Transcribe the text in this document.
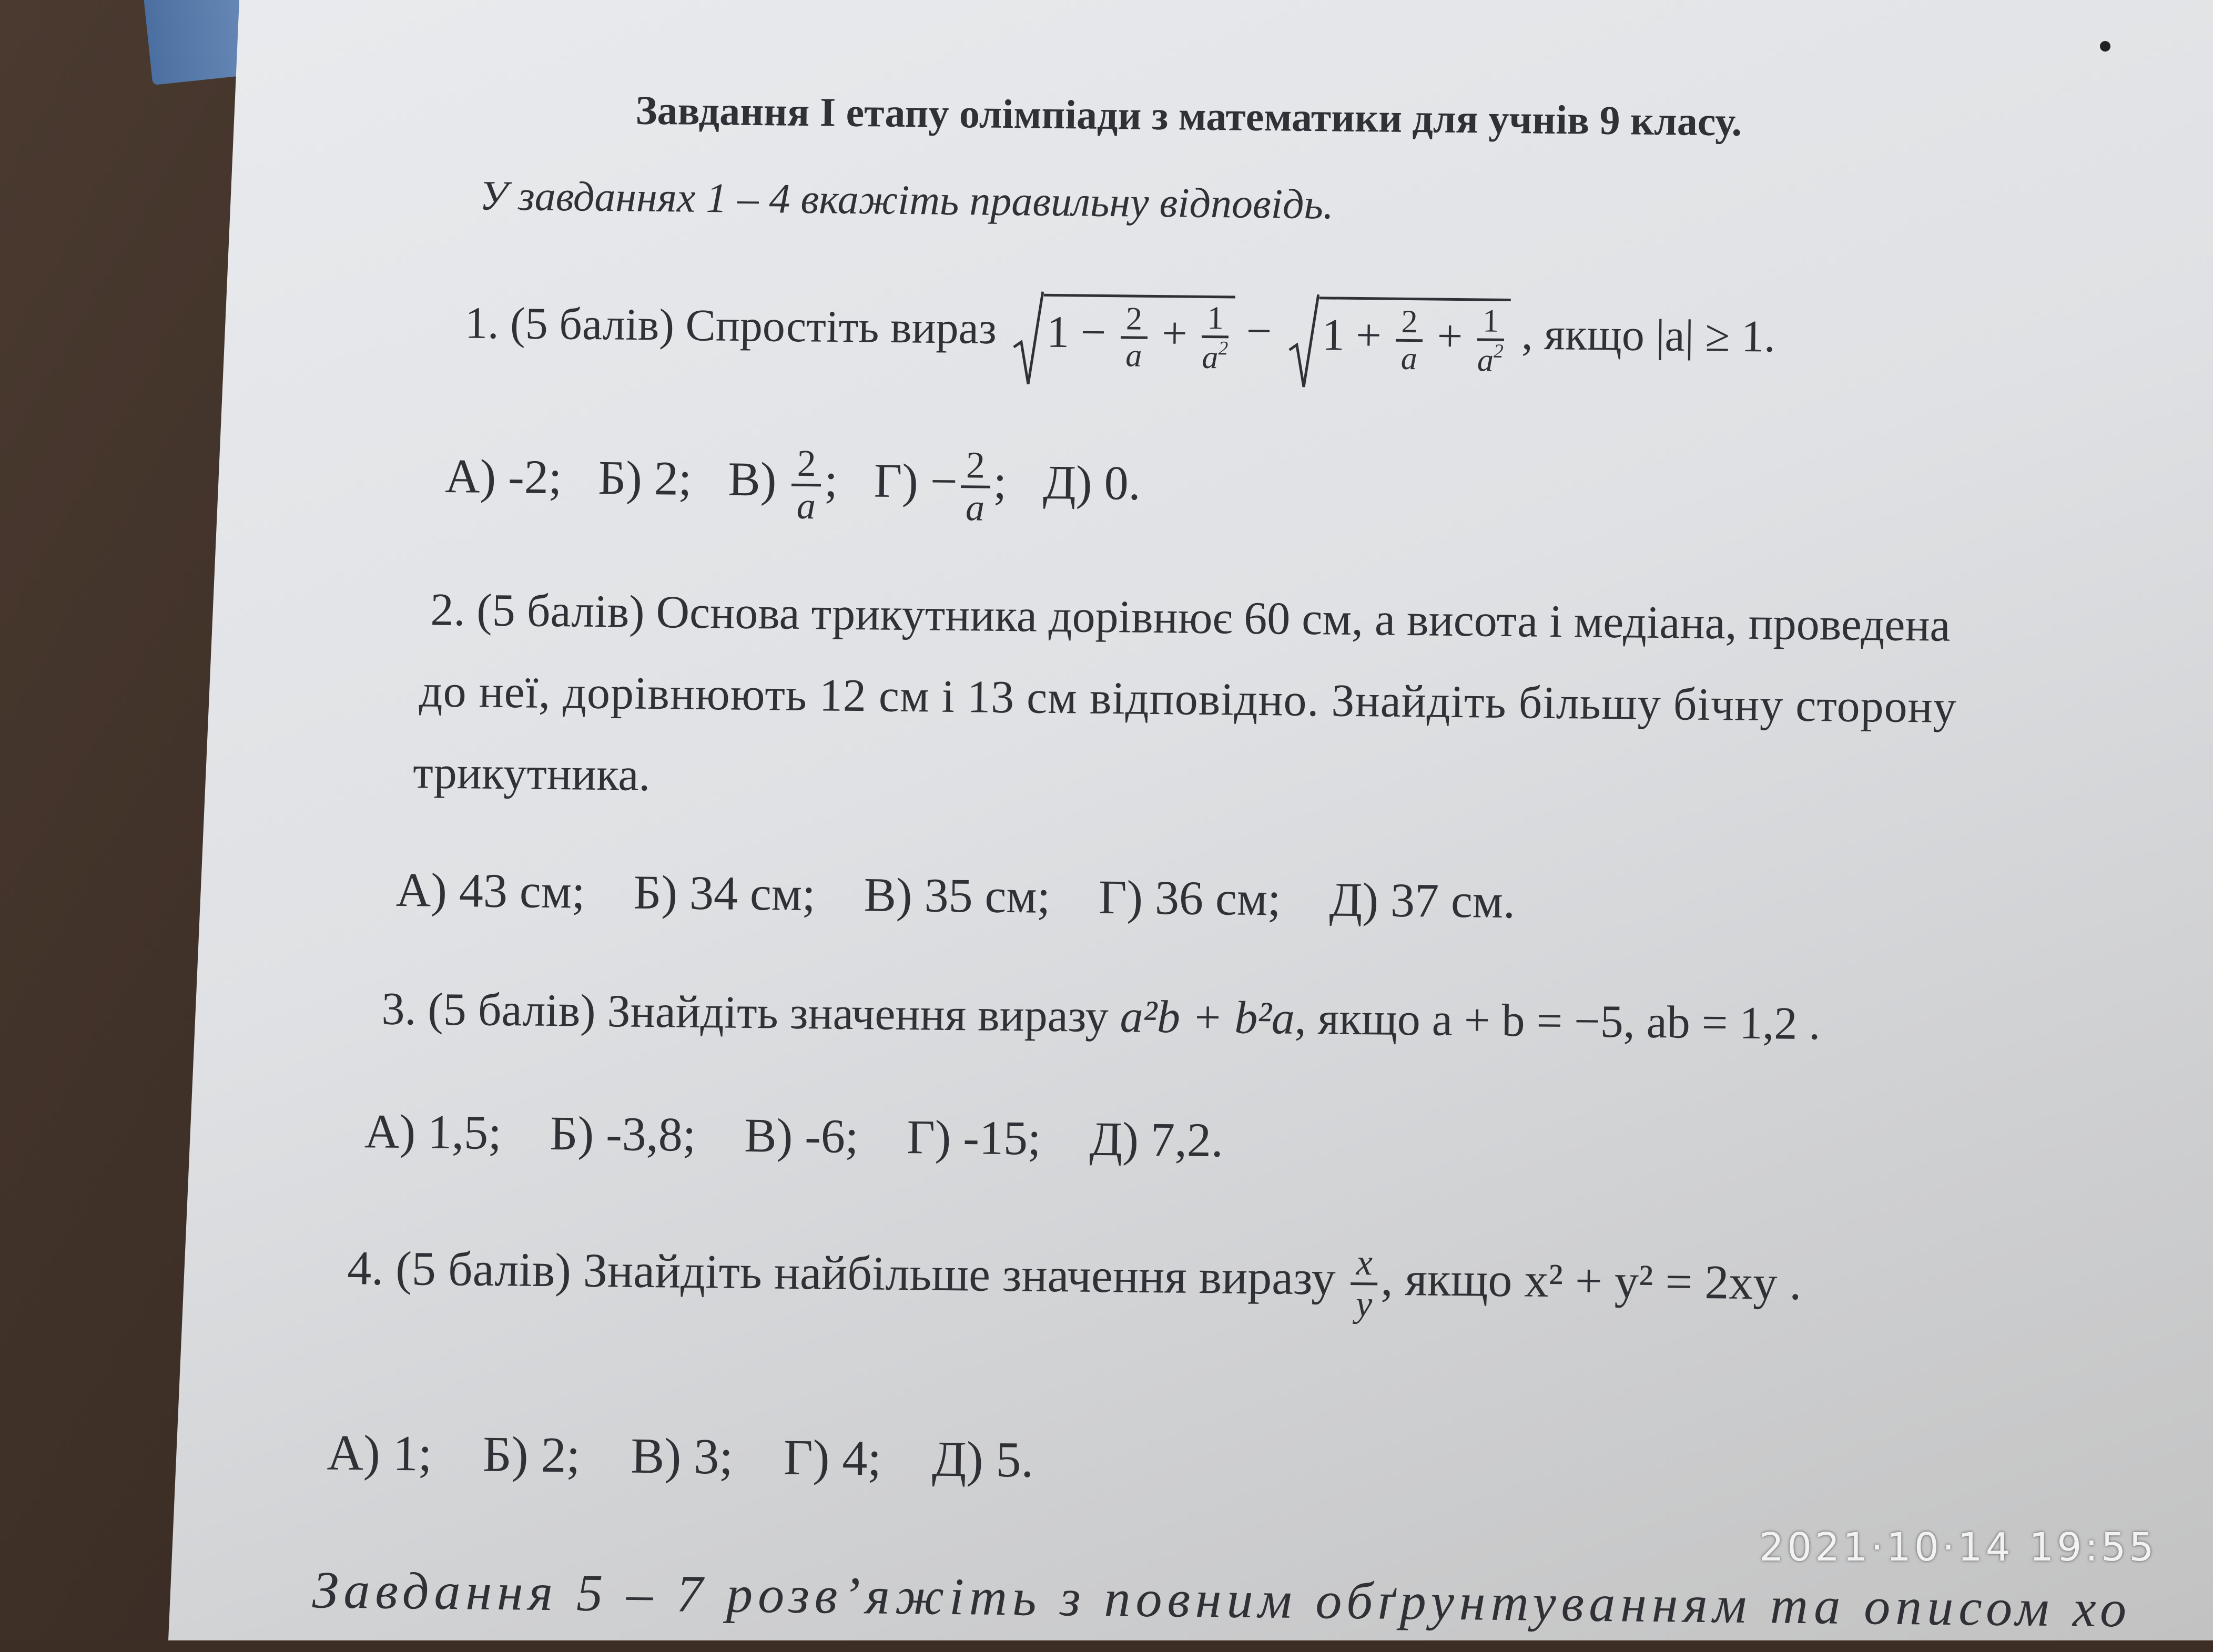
Завдання І етапу олімпіади з математики для учнів 9 класу.
У завданнях 1 – 4 вкажіть правильну відповідь.
1. (5 балів) Спростіть вираз $1 - \frac{2}{a} + \frac{1}{a^2}$ −
$1 + \frac{2}{a} + \frac{1}{a^2}$ , якщо |a| ≥ 1.
А) -2; Б) 2; $В) \frac{2}{a}$ ;   $Г) - \frac{2}{a}$ ;   Д) 0.
2. (5 балів) Основа трикутника дорівнює 60 см, а висота і медіана, проведена
до неї, дорівнюють 12 см і 13 см відповідно. Знайдіть більшу бічну сторону
трикутника.
А) 43 см; Б) 34 см; В) 35 см; Г) 36 см; Д) 37 см.
3. (5 балів) Знайдіть значення виразу a²b + b²a, якщо a + b = −5, ab = 1,2 .
А) 1,5; Б) -3,8; В) -6; Г) -15; Д) 7,2.
4. (5 балів) Знайдіть найбільше значення виразу $\frac{x}{y}$ , якщо x² + y² = 2xy .
А) 1; Б) 2; В) 3; Г) 4; Д) 5.
Завдання 5 – 7 розв’яжіть з повним обґрунтуванням та описом хо
2021·10·14 19:55
